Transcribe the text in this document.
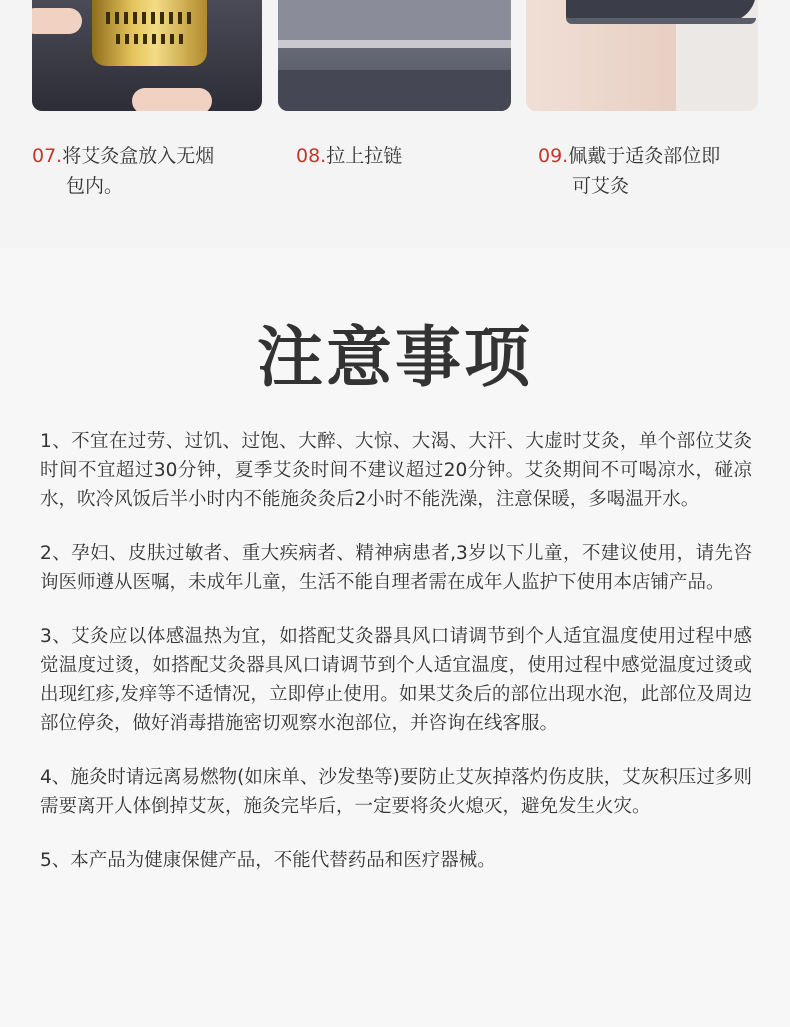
07.将艾灸盒放入无烟
包内。
08.拉上拉链	09.佩戴于适灸部位即
可艾灸
注意事项

1、不宜在过劳、过饥、过饱、大醉、大惊、大渴、大汗、大虚时艾灸，单个部位艾灸时间不宜超过30分钟，夏季艾灸时间不建议超过20分钟。艾灸期间不可喝凉水，碰凉水，吹冷风饭后半小时内不能施灸灸后2小时不能洗澡，注意保暖，多喝温开水。

2、孕妇、皮肤过敏者、重大疾病者、精神病患者,3岁以下儿童，不建议使用，请先咨询医师遵从医嘱，未成年儿童，生活不能自理者需在成年人监护下使用本店铺产品。

3、艾灸应以体感温热为宜，如搭配艾灸器具风口请调节到个人适宜温度使用过程中感觉温度过烫，如搭配艾灸器具风口请调节到个人适宜温度，使用过程中感觉温度过烫或出现红疹,发痒等不适情况，立即停止使用。如果艾灸后的部位出现水泡，此部位及周边部位停灸，做好消毒措施密切观察水泡部位，并咨询在线客服。

4、施灸时请远离易燃物(如床单、沙发垫等)要防止艾灰掉落灼伤皮肤，艾灰积压过多则需要离开人体倒掉艾灰，施灸完毕后，一定要将灸火熄灭，避免发生火灾。

5、本产品为健康保健产品，不能代替药品和医疗器械。
